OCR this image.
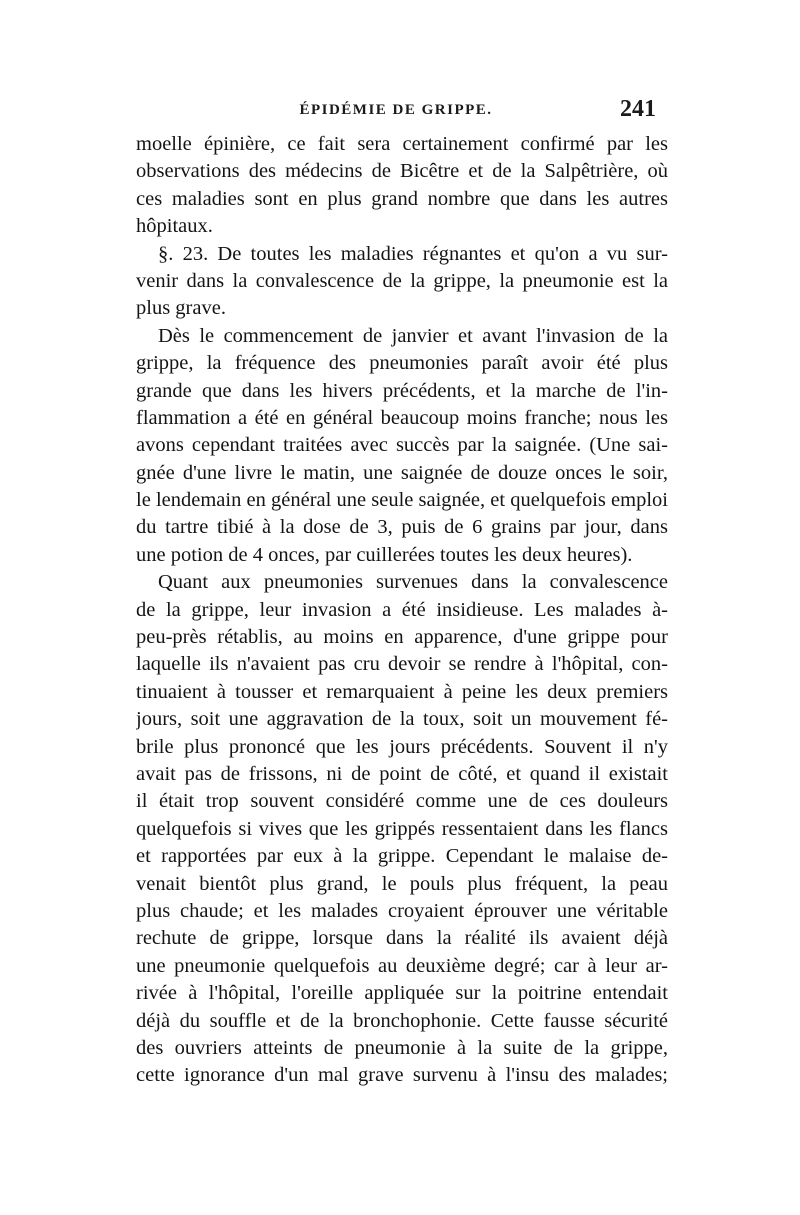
ÉPIDÉMIE DE GRIPPE.	241
moelle épinière, ce fait sera certainement confirmé par les
observations des médecins de Bicêtre et de la Salpêtrière, où
ces maladies sont en plus grand nombre que dans les autres
hôpitaux.
§. 23. De toutes les maladies régnantes et qu'on a vu sur-
venir dans la convalescence de la grippe, la pneumonie est la
plus grave.
Dès le commencement de janvier et avant l'invasion de la
grippe, la fréquence des pneumonies paraît avoir été plus
grande que dans les hivers précédents, et la marche de l'in-
flammation a été en général beaucoup moins franche; nous les
avons cependant traitées avec succès par la saignée. (Une sai-
gnée d'une livre le matin, une saignée de douze onces le soir,
le lendemain en général une seule saignée, et quelquefois emploi
du tartre tibié à la dose de 3, puis de 6 grains par jour, dans
une potion de 4 onces, par cuillerées toutes les deux heures).
Quant aux pneumonies survenues dans la convalescence
de la grippe, leur invasion a été insidieuse. Les malades à-
peu-près rétablis, au moins en apparence, d'une grippe pour
laquelle ils n'avaient pas cru devoir se rendre à l'hôpital, con-
tinuaient à tousser et remarquaient à peine les deux premiers
jours, soit une aggravation de la toux, soit un mouvement fé-
brile plus prononcé que les jours précédents. Souvent il n'y
avait pas de frissons, ni de point de côté, et quand il existait
il était trop souvent considéré comme une de ces douleurs
quelquefois si vives que les grippés ressentaient dans les flancs
et rapportées par eux à la grippe. Cependant le malaise de-
venait bientôt plus grand, le pouls plus fréquent, la peau
plus chaude; et les malades croyaient éprouver une véritable
rechute de grippe, lorsque dans la réalité ils avaient déjà
une pneumonie quelquefois au deuxième degré; car à leur ar-
rivée à l'hôpital, l'oreille appliquée sur la poitrine entendait
déjà du souffle et de la bronchophonie. Cette fausse sécurité
des ouvriers atteints de pneumonie à la suite de la grippe,
cette ignorance d'un mal grave survenu à l'insu des malades;
